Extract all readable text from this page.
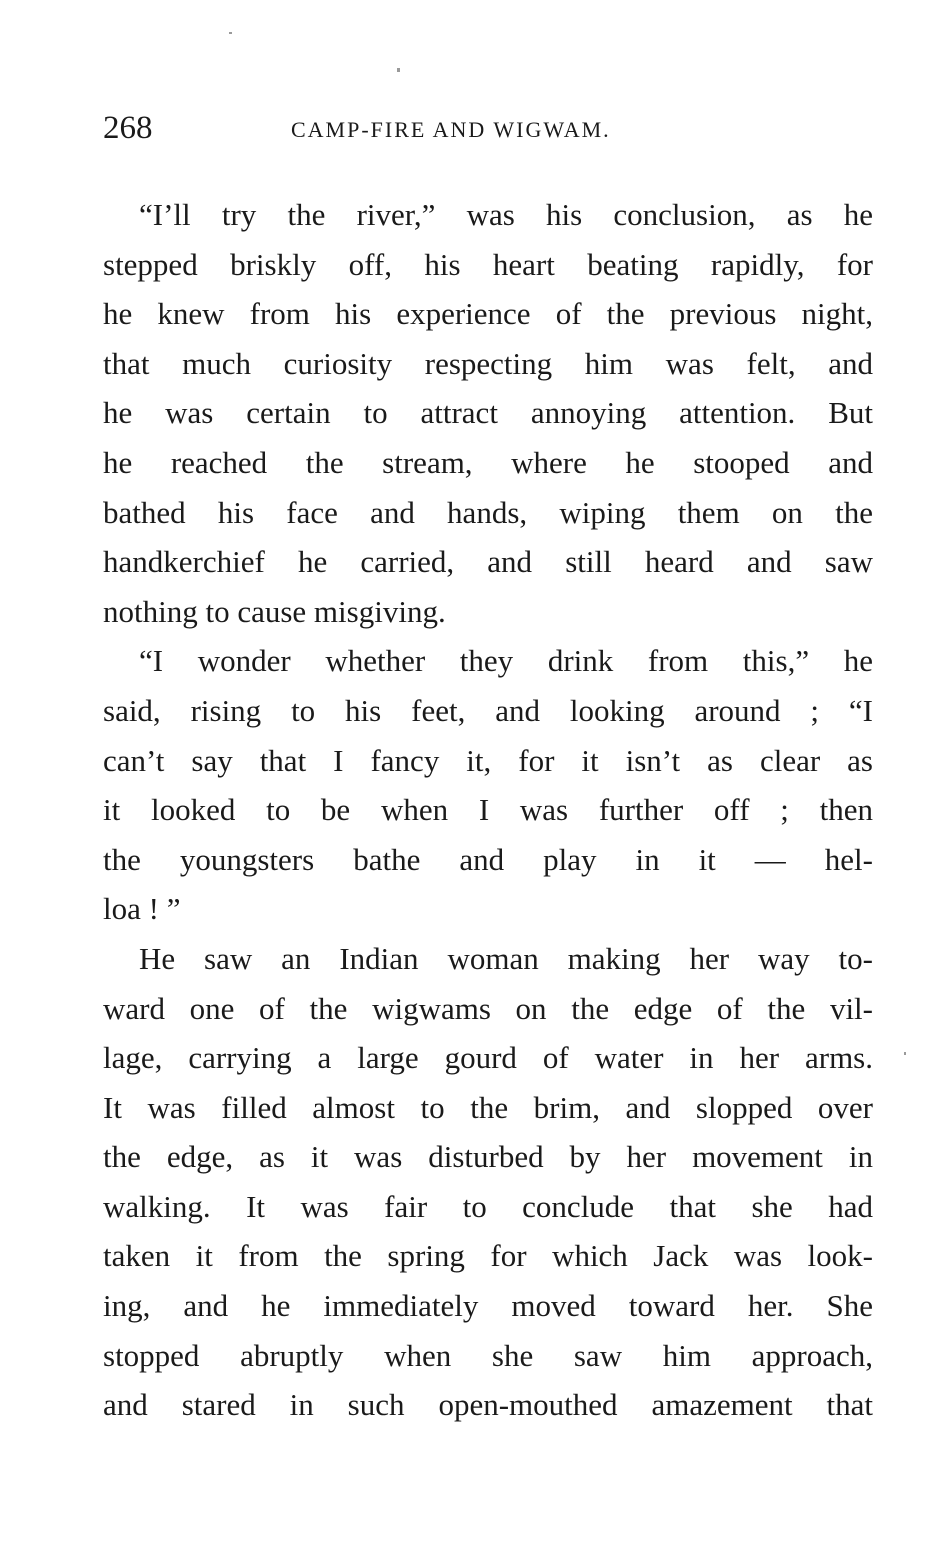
268	CAMP-FIRE AND WIGWAM.
“I’ll try the river,” was his conclusion, as he
stepped briskly off, his heart beating rapidly, for
he knew from his experience of the previous night,
that much curiosity respecting him was felt, and
he was certain to attract annoying attention. But
he reached the stream, where he stooped and
bathed his face and hands, wiping them on the
handkerchief he carried, and still heard and saw
nothing to cause misgiving.
“I wonder whether they drink from this,” he
said, rising to his feet, and looking around ; “I
can’t say that I fancy it, for it isn’t as clear as
it looked to be when I was further off ; then
the youngsters bathe and play in it — hel-
loa ! ”
He saw an Indian woman making her way to-
ward one of the wigwams on the edge of the vil-
lage, carrying a large gourd of water in her arms.
It was filled almost to the brim, and slopped over
the edge, as it was disturbed by her movement in
walking. It was fair to conclude that she had
taken it from the spring for which Jack was look-
ing, and he immediately moved toward her. She
stopped abruptly when she saw him approach,
and stared in such open-mouthed amazement that
